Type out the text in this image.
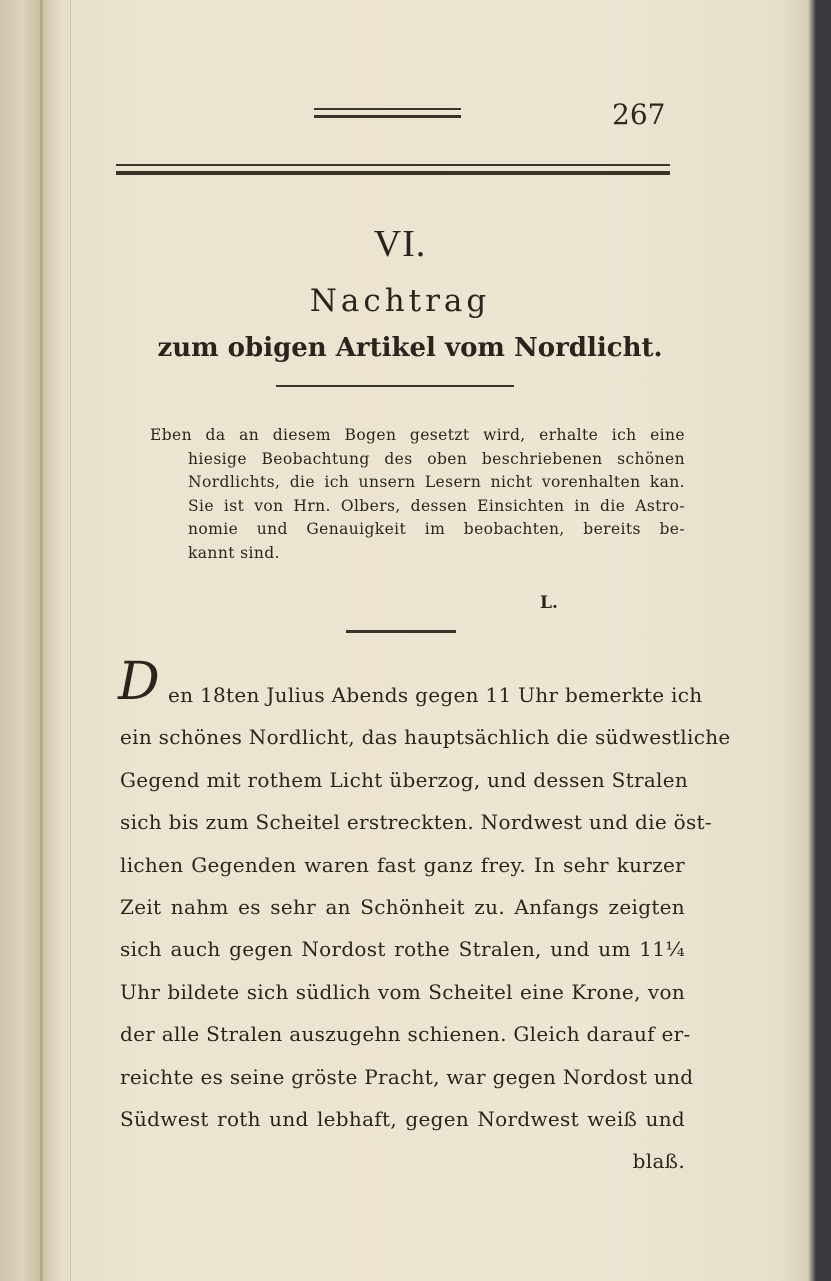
267
VI.
Nachtrag
zum obigen Artikel vom Nordlicht.
Eben da an diesem Bogen gesetzt wird, erhalte ich eine
hiesige Beobachtung des oben beschriebenen schönen
Nordlichts, die ich unsern Lesern nicht vorenhalten kan.
Sie ist von Hrn. Olbers, dessen Einsichten in die Astro-
nomie und Genauigkeit im beobachten, bereits be-
kannt sind.
L.
D en 18ten Julius Abends gegen 11 Uhr bemerkte ich
ein schönes Nordlicht, das hauptsächlich die südwestliche
Gegend mit rothem Licht überzog, und dessen Stralen
sich bis zum Scheitel erstreckten. Nordwest und die öst-
lichen Gegenden waren fast ganz frey. In sehr kurzer
Zeit nahm es sehr an Schönheit zu. Anfangs zeigten
sich auch gegen Nordost rothe Stralen, und um 11¼
Uhr bildete sich südlich vom Scheitel eine Krone, von
der alle Stralen auszugehn schienen. Gleich darauf er-
reichte es seine gröste Pracht, war gegen Nordost und
Südwest roth und lebhaft, gegen Nordwest weiß und
blaß.
